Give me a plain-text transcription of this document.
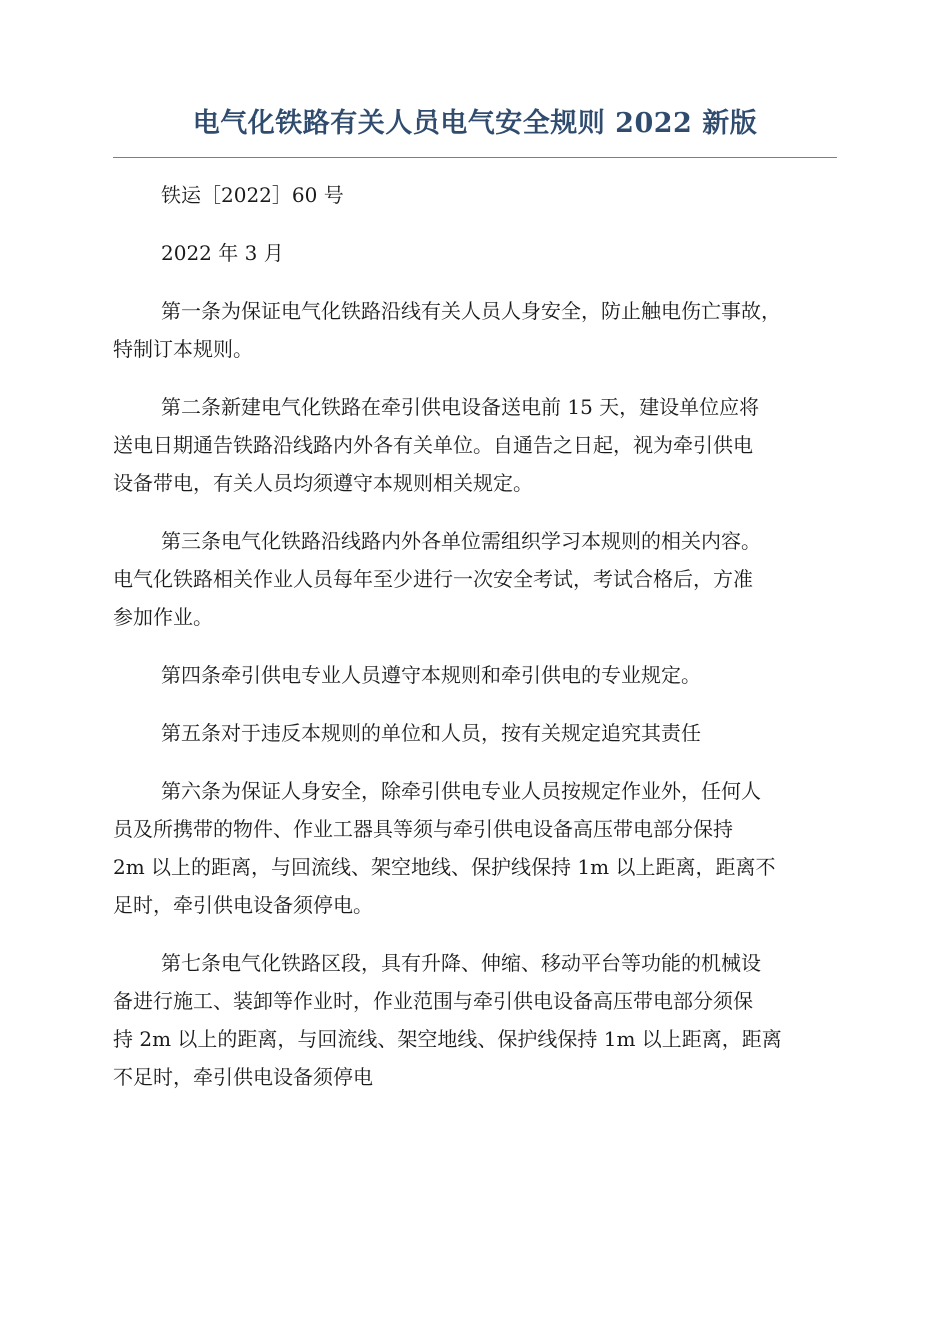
电气化铁路有关人员电气安全规则 2022 新版

铁运［2022］60 号

2022 年 3 月

第一条为保证电气化铁路沿线有关人员人身安全，防止触电伤亡事故，
特制订本规则。

第二条新建电气化铁路在牵引供电设备送电前 15 天，建设单位应将
送电日期通告铁路沿线路内外各有关单位。自通告之日起，视为牵引供电
设备带电，有关人员均须遵守本规则相关规定。

第三条电气化铁路沿线路内外各单位需组织学习本规则的相关内容。
电气化铁路相关作业人员每年至少进行一次安全考试，考试合格后，方准
参加作业。

第四条牵引供电专业人员遵守本规则和牵引供电的专业规定。

第五条对于违反本规则的单位和人员，按有关规定追究其责任

第六条为保证人身安全，除牵引供电专业人员按规定作业外，任何人
员及所携带的物件、作业工器具等须与牵引供电设备高压带电部分保持
2m 以上的距离，与回流线、架空地线、保护线保持 1m 以上距离，距离不
足时，牵引供电设备须停电。

第七条电气化铁路区段，具有升降、伸缩、移动平台等功能的机械设
备进行施工、装卸等作业时，作业范围与牵引供电设备高压带电部分须保
持 2m 以上的距离，与回流线、架空地线、保护线保持 1m 以上距离，距离
不足时，牵引供电设备须停电
